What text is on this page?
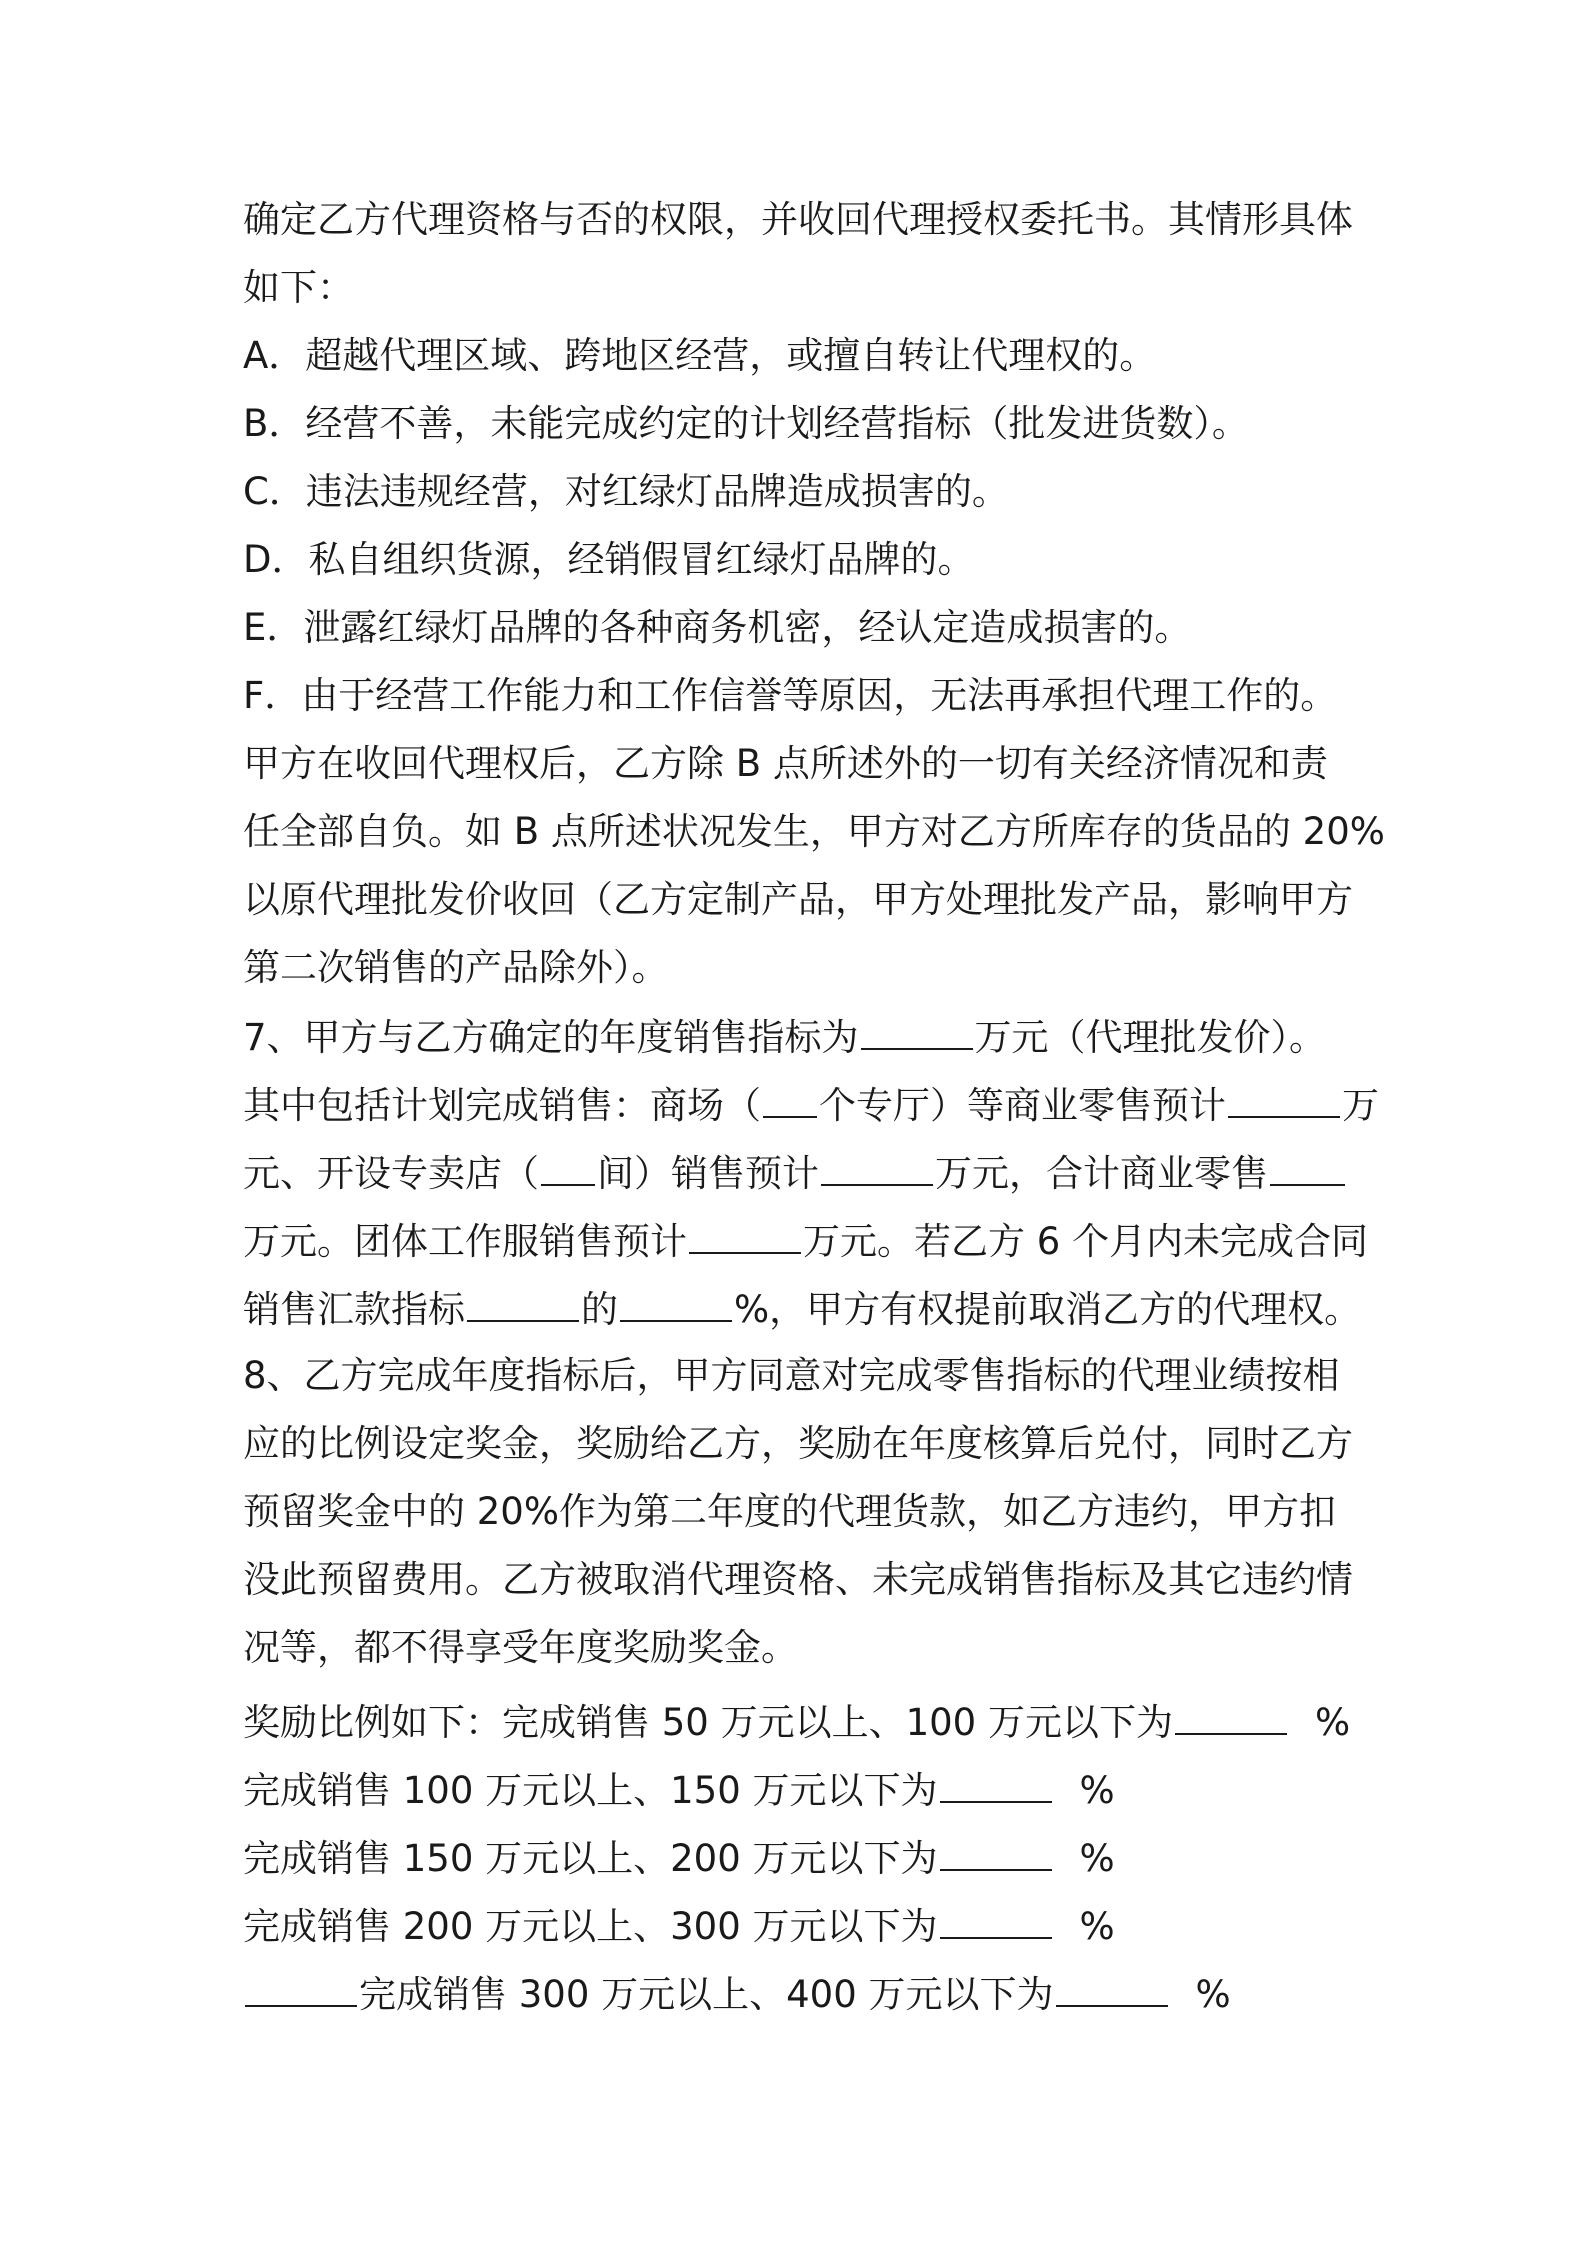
确定乙方代理资格与否的权限，并收回代理授权委托书。其情形具体
如下：
A．超越代理区域、跨地区经营，或擅自转让代理权的。
B．经营不善，未能完成约定的计划经营指标（批发进货数）。
C．违法违规经营，对红绿灯品牌造成损害的。
D．私自组织货源，经销假冒红绿灯品牌的。
E．泄露红绿灯品牌的各种商务机密，经认定造成损害的。
F．由于经营工作能力和工作信誉等原因，无法再承担代理工作的。
甲方在收回代理权后，乙方除 B 点所述外的一切有关经济情况和责
任全部自负。如 B 点所述状况发生，甲方对乙方所库存的货品的 20%
以原代理批发价收回（乙方定制产品，甲方处理批发产品，影响甲方
第二次销售的产品除外）。
7、甲方与乙方确定的年度销售指标为	万元（代理批发价）。
其中包括计划完成销售：商场（ 个专厅）等商业零售预计	万
元、开设专卖店（ 间）销售预计	万元，合计商业零售
万元。团体工作服销售预计	万元。若乙方 6 个月内未完成合同
销售汇款指标	的	%，甲方有权提前取消乙方的代理权。
8、乙方完成年度指标后，甲方同意对完成零售指标的代理业绩按相
应的比例设定奖金，奖励给乙方，奖励在年度核算后兑付，同时乙方
预留奖金中的 20%作为第二年度的代理货款，如乙方违约，甲方扣
没此预留费用。乙方被取消代理资格、未完成销售指标及其它违约情
况等，都不得享受年度奖励奖金。
奖励比例如下：完成销售 50 万元以上、100 万元以下为	%
完成销售 100 万元以上、150 万元以下为	%
完成销售 150 万元以上、200 万元以下为	%
完成销售 200 万元以上、300 万元以下为	%
完成销售 300 万元以上、400 万元以下为	%
